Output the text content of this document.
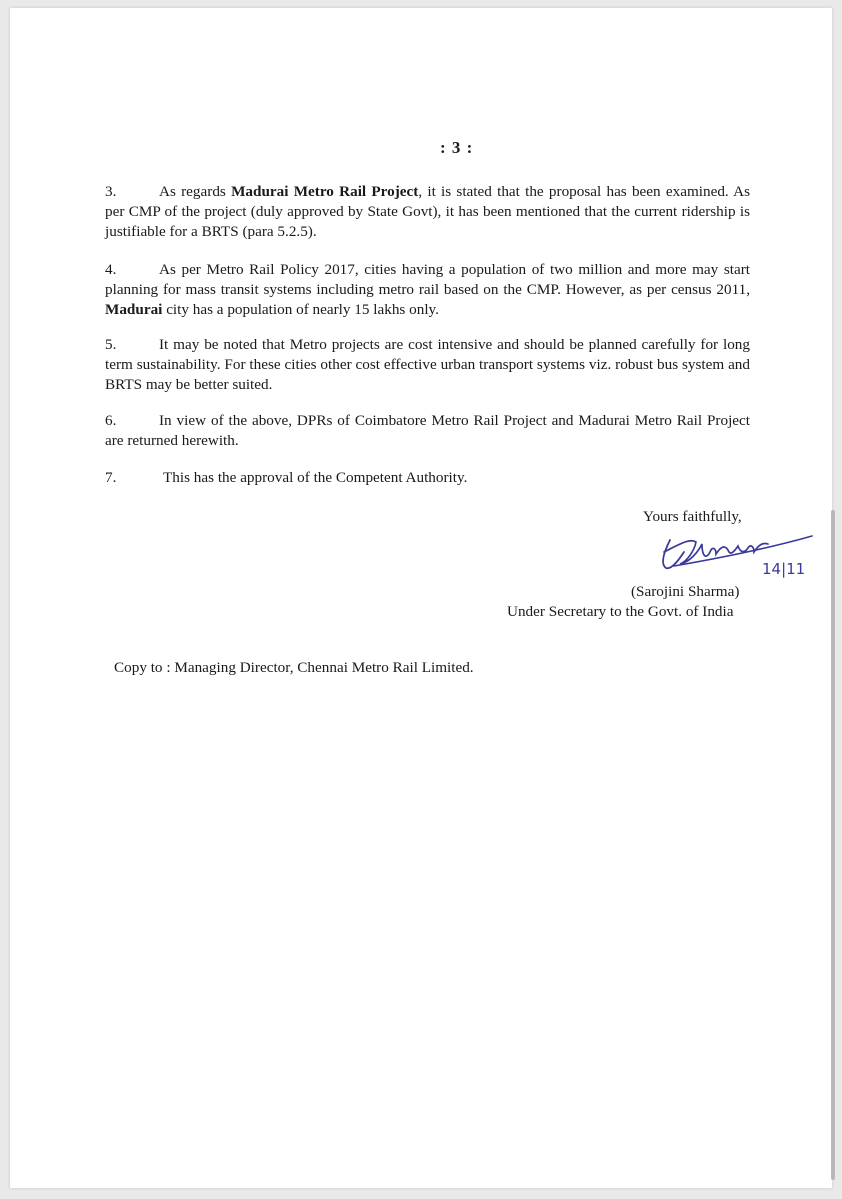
: 3 :

3.	As regards Madurai Metro Rail Project, it is stated that the proposal has been examined. As per CMP of the project (duly approved by State Govt), it has been mentioned that the current ridership is justifiable for a BRTS (para 5.2.5).

4.	As per Metro Rail Policy 2017, cities having a population of two million and more may start planning for mass transit systems including metro rail based on the CMP. However, as per census 2011, Madurai city has a population of nearly 15 lakhs only.

5.	It may be noted that Metro projects are cost intensive and should be planned carefully for long term sustainability. For these cities other cost effective urban transport systems viz. robust bus system and BRTS may be better suited.

6.	In view of the above, DPRs of Coimbatore Metro Rail Project and Madurai Metro Rail Project are returned herewith.

7.	This has the approval of the Competent Authority.

Yours faithfully,

14|11

(Sarojini Sharma)

Under Secretary to the Govt. of India

Copy to : Managing Director, Chennai Metro Rail Limited.
